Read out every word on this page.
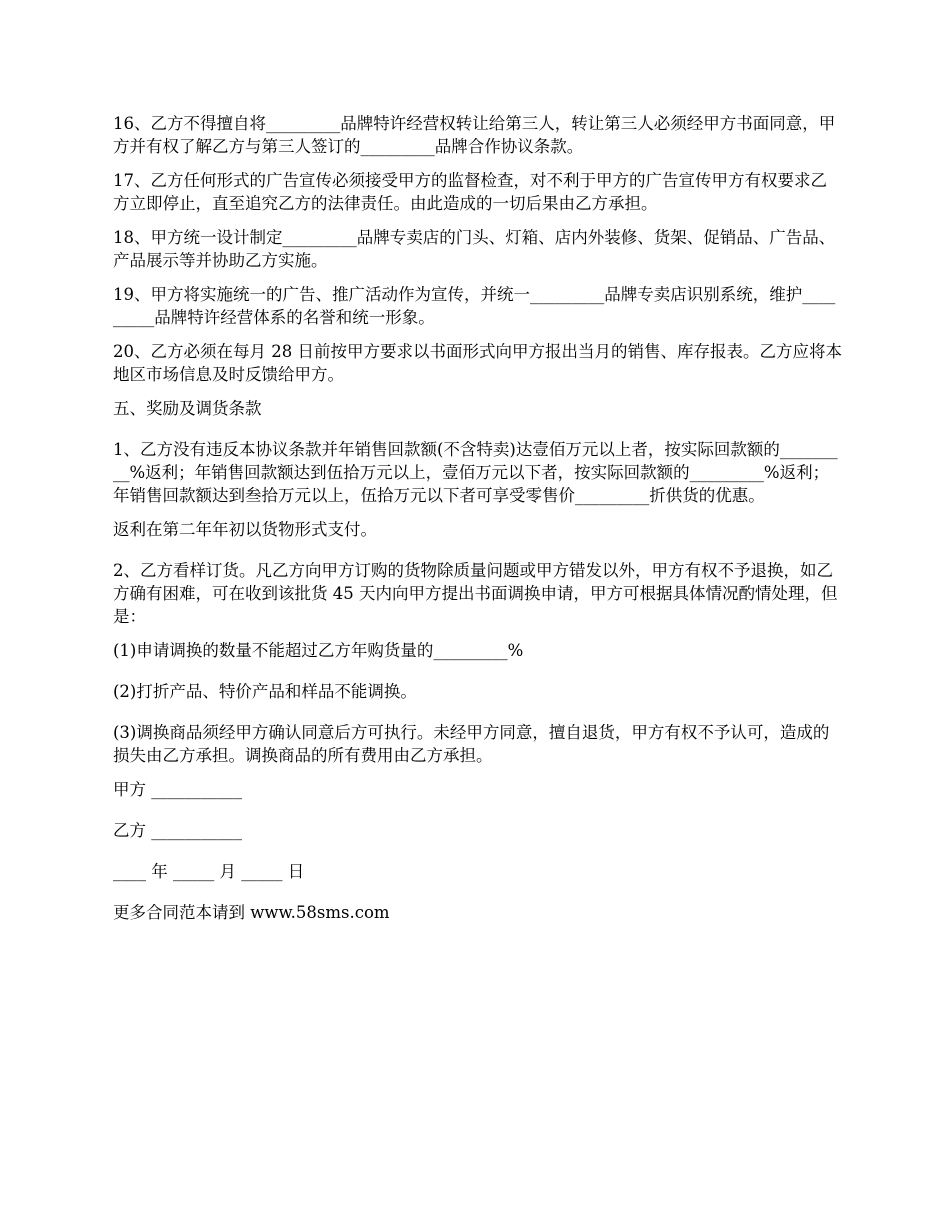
16、乙方不得擅自将_________品牌特许经营权转让给第三人，转让第三人必须经甲方书面同意，甲方并有权了解乙方与第三人签订的_________品牌合作协议条款。

17、乙方任何形式的广告宣传必须接受甲方的监督检查，对不利于甲方的广告宣传甲方有权要求乙方立即停止，直至追究乙方的法律责任。由此造成的一切后果由乙方承担。

18、甲方统一设计制定_________品牌专卖店的门头、灯箱、店内外装修、货架、促销品、广告品、产品展示等并协助乙方实施。

19、甲方将实施统一的广告、推广活动作为宣传，并统一_________品牌专卖店识别系统，维护_________品牌特许经营体系的名誉和统一形象。

20、乙方必须在每月 28 日前按甲方要求以书面形式向甲方报出当月的销售、库存报表。乙方应将本地区市场信息及时反馈给甲方。

五、奖励及调货条款

1、乙方没有违反本协议条款并年销售回款额(不含特卖)达壹佰万元以上者，按实际回款额的_________%返利；年销售回款额达到伍拾万元以上，壹佰万元以下者，按实际回款额的_________%返利；年销售回款额达到叁拾万元以上，伍拾万元以下者可享受零售价_________折供货的优惠。

返利在第二年年初以货物形式支付。

2、乙方看样订货。凡乙方向甲方订购的货物除质量问题或甲方错发以外，甲方有权不予退换，如乙方确有困难，可在收到该批货 45 天内向甲方提出书面调换申请，甲方可根据具体情况酌情处理，但是：

(1)申请调换的数量不能超过乙方年购货量的_________%

(2)打折产品、特价产品和样品不能调换。

(3)调换商品须经甲方确认同意后方可执行。未经甲方同意，擅自退货，甲方有权不予认可，造成的损失由乙方承担。调换商品的所有费用由乙方承担。

甲方 ___________

乙方 ___________

____ 年 _____ 月 _____ 日

更多合同范本请到 www.58sms.com
